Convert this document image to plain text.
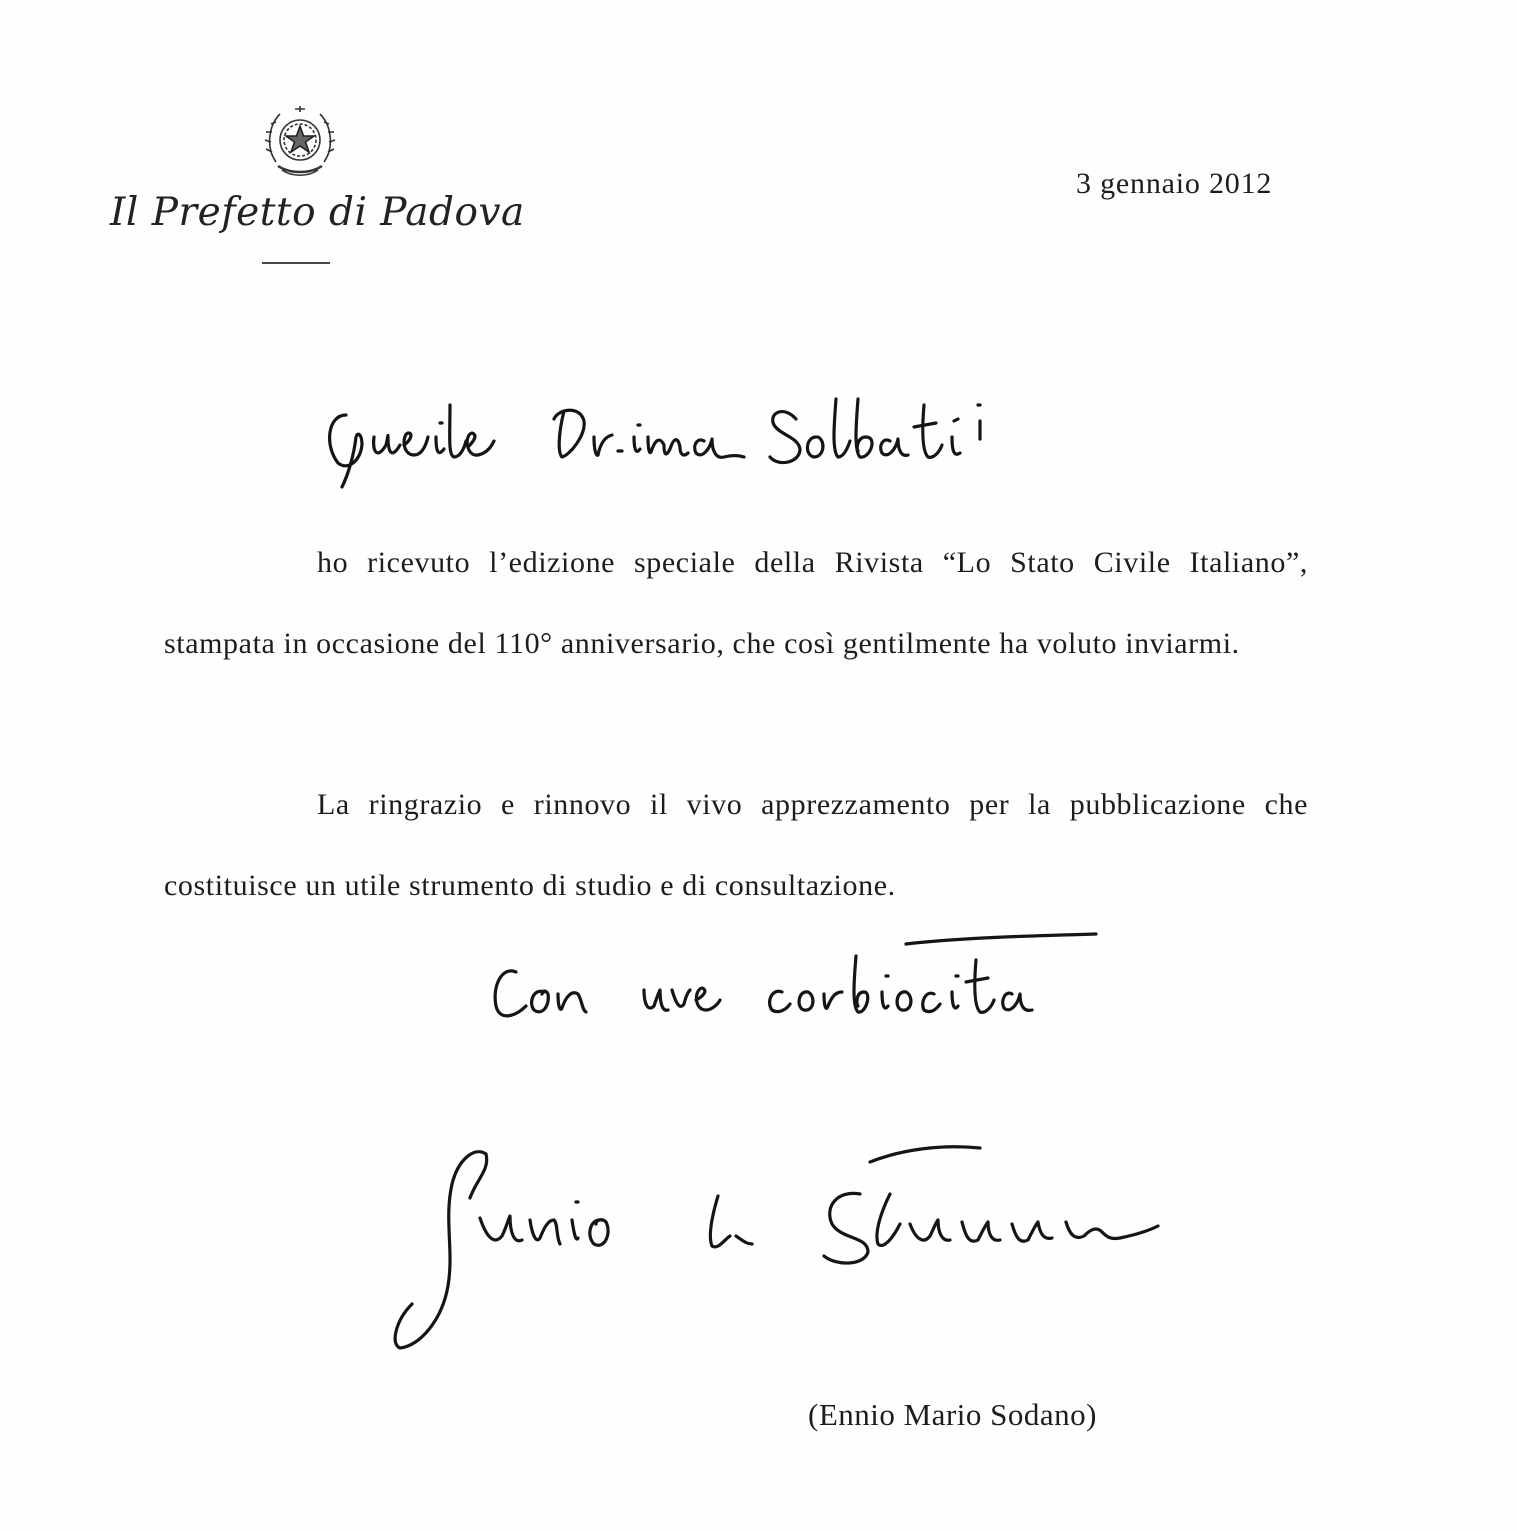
Il Prefetto di Padova
3 gennaio 2012

ho ricevuto l’edizione speciale della Rivista “Lo Stato Civile Italiano”, stampata in occasione del 110° anniversario, che così gentilmente ha voluto inviarmi.

La ringrazio e rinnovo il vivo apprezzamento per la pubblicazione che costituisce un utile strumento di studio e di consultazione.

(Ennio Mario Sodano)
